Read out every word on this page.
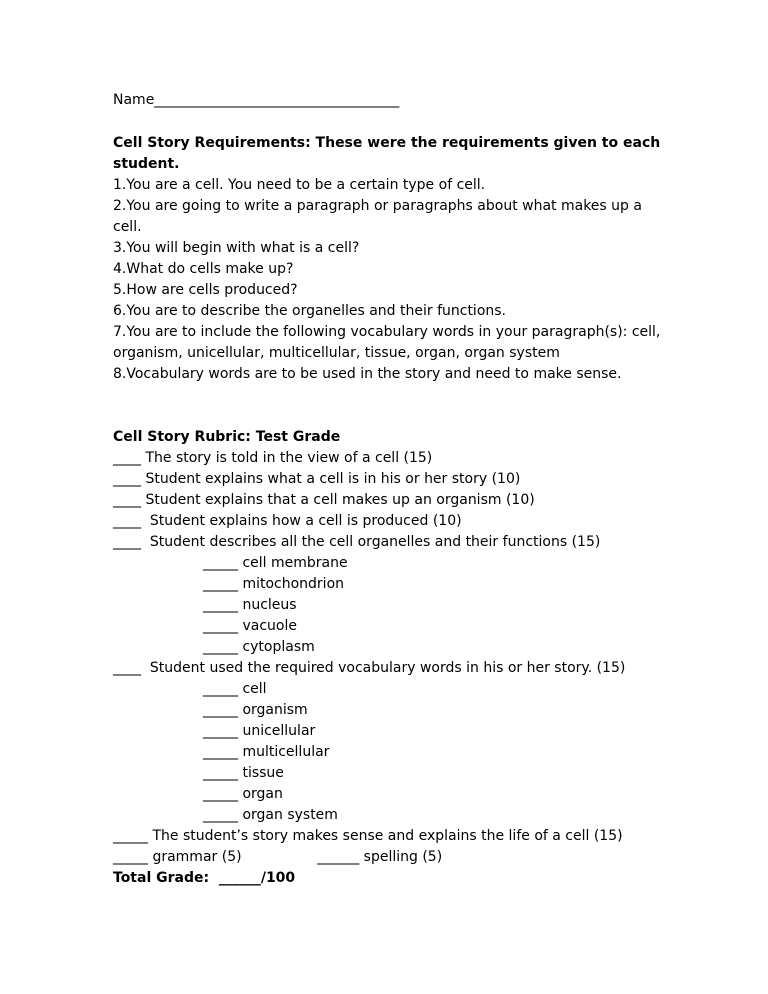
Name___________________________________
Cell Story Requirements: These were the requirements given to each
student.
1.You are a cell. You need to be a certain type of cell.
2.You are going to write a paragraph or paragraphs about what makes up a
cell.
3.You will begin with what is a cell?
4.What do cells make up?
5.How are cells produced?
6.You are to describe the organelles and their functions.
7.You are to include the following vocabulary words in your paragraph(s): cell,
organism, unicellular, multicellular, tissue, organ, organ system
8.Vocabulary words are to be used in the story and need to make sense.
Cell Story Rubric: Test Grade
____ The story is told in the view of a cell (15)
____ Student explains what a cell is in his or her story (10)
____ Student explains that a cell makes up an organism (10)
____  Student explains how a cell is produced (10)
____  Student describes all the cell organelles and their functions (15)
_____ cell membrane
_____ mitochondrion
_____ nucleus
_____ vacuole
_____ cytoplasm
____  Student used the required vocabulary words in his or her story. (15)
_____ cell
_____ organism
_____ unicellular
_____ multicellular
_____ tissue
_____ organ
_____ organ system
_____ The student’s story makes sense and explains the life of a cell (15)
_____ grammar (5)                 ______ spelling (5)
Total Grade:  ______/100
